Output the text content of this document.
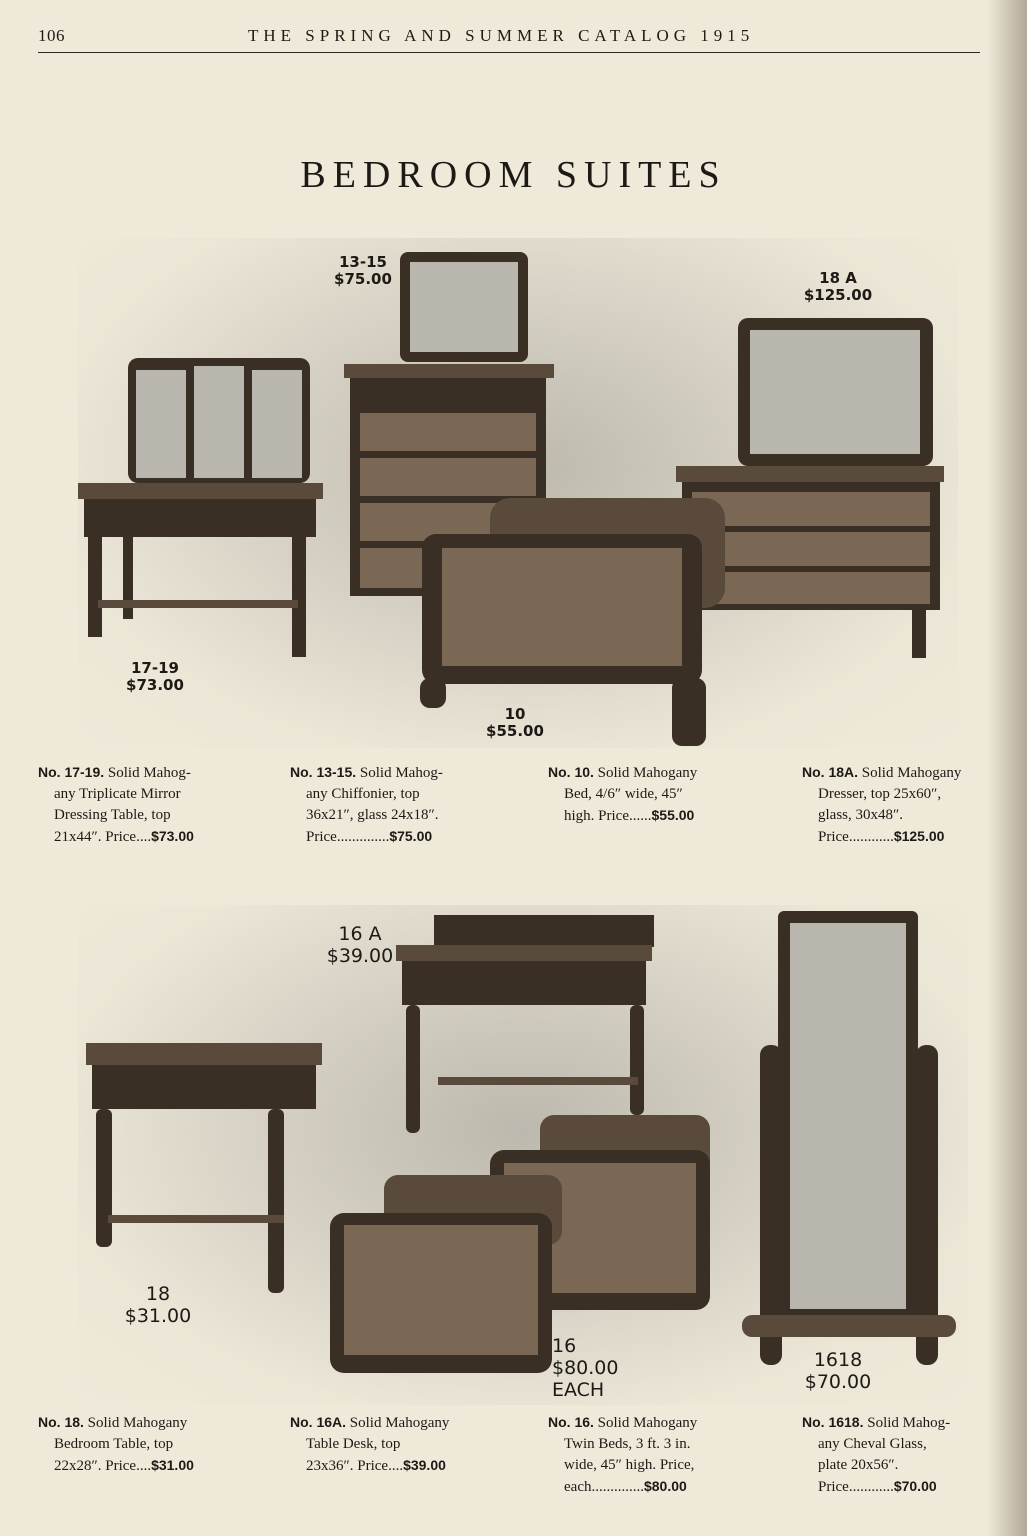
106	THE SPRING AND SUMMER CATALOG 1915
BEDROOM SUITES
17-19
$73.00
13-15
$75.00	18 A
$125.00
10
$55.00
No. 17-19. Solid Mahog-
any Triplicate Mirror
Dressing Table, top
21x44″. Price....$73.00
No. 13-15. Solid Mahog-
any Chiffonier, top
36x21″, glass 24x18″.
Price..............$75.00
No. 10. Solid Mahogany
Bed, 4/6″ wide, 45″
high. Price......$55.00
No. 18A. Solid Mahogany
Dresser, top 25x60″,
glass, 30x48″.
Price............$125.00
18
$31.00
16 A
$39.00
16
$80.00 EACH
1618
$70.00
No. 18. Solid Mahogany
Bedroom Table, top
22x28″. Price....$31.00
No. 16A. Solid Mahogany
Table Desk, top
23x36″. Price....$39.00
No. 16. Solid Mahogany
Twin Beds, 3 ft. 3 in.
wide, 45″ high. Price,
each..............$80.00
No. 1618. Solid Mahog-
any Cheval Glass,
plate 20x56″.
Price............$70.00
